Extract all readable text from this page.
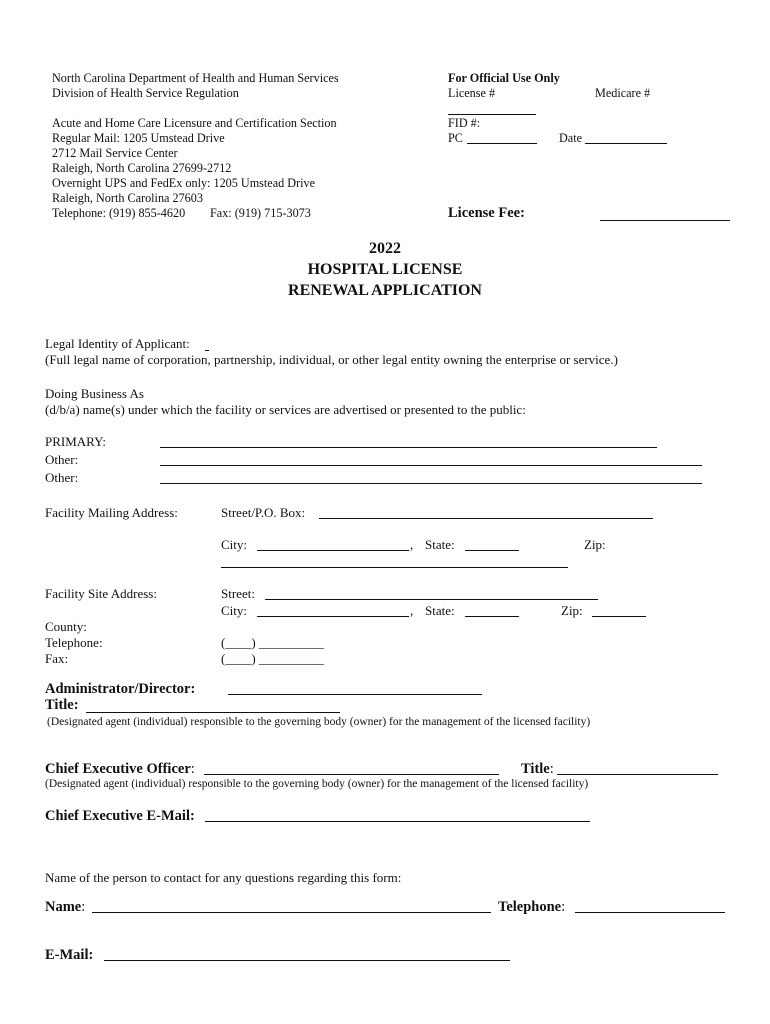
North Carolina Department of Health and Human Services
Division of Health Service Regulation
Acute and Home Care Licensure and Certification Section
Regular Mail: 1205 Umstead Drive
2712 Mail Service Center
Raleigh, North Carolina 27699-2712
Overnight UPS and FedEx only: 1205 Umstead Drive
Raleigh, North Carolina 27603
Telephone: (919) 855-4620 Fax: (919) 715-3073
For Official Use Only
License #	Medicare #
FID #:
PC	Date
License Fee:
2022
HOSPITAL LICENSE
RENEWAL APPLICATION
Legal Identity of Applicant:
(Full legal name of corporation, partnership, individual, or other legal entity owning the enterprise or service.)
Doing Business As
(d/b/a) name(s) under which the facility or services are advertised or presented to the public:
PRIMARY:
Other:
Other:
Facility Mailing Address:	Street/P.O. Box:
City:	, State:	Zip:
Facility Site Address:	Street:
City:	, State:	Zip:
County:
Telephone:	(____) __________
Fax:	(____) __________
Administrator/Director:
Title:
(Designated agent (individual) responsible to the governing body (owner) for the management of the licensed facility)
Chief Executive Officer:	Title:
(Designated agent (individual) responsible to the governing body (owner) for the management of the licensed facility)
Chief Executive E-Mail:
Name of the person to contact for any questions regarding this form:
Name:	Telephone:
E-Mail:
